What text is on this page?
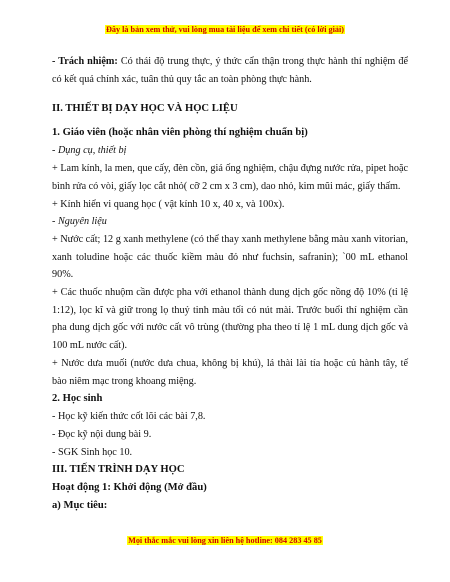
Đây là bản xem thử, vui lòng mua tài liệu để xem chi tiết (có lời giải)

- Trách nhiệm: Có thái độ trung thực, ý thức cẩn thận trong thực hành thí nghiệm để có kết quả chính xác, tuân thủ quy tắc an toàn phòng thực hành.

II. THIẾT BỊ DẠY HỌC VÀ HỌC LIỆU

1. Giáo viên (hoặc nhân viên phòng thí nghiệm chuẩn bị)

- Dụng cụ, thiết bị

+ Lam kính, la men, que cấy, đèn cồn, giá ống nghiệm, chậu đựng nước rửa, pipet hoặc bình rửa có vòi, giấy lọc cắt nhỏ( cỡ 2 cm x 3 cm), dao nhỏ, kim mũi mác, giấy thấm.

+ Kính hiển vi quang học ( vật kính 10 x, 40 x, và 100x).

- Nguyên liệu

+ Nước cất; 12 g xanh methylene (có thể thay xanh methylene bằng màu xanh vitorian, xanh toludine hoặc các thuốc kiềm màu đỏ như fuchsin, safranin); `00 mL ethanol 90%.

+ Các thuốc nhuộm cần được pha với ethanol thành dung dịch gốc nồng độ 10% (tỉ lệ 1:12), lọc kĩ và giữ trong lọ thuỷ tinh màu tối có nút mài. Trước buổi thí nghiệm cần pha dung dịch gốc với nước cất vô trùng (thường pha theo tỉ lệ 1 mL dung dịch gốc và 100 mL nước cất).

+ Nước dưa muối (nước dưa chua, không bị khú), lá thài lài tía hoặc củ hành tây, tế bào niêm mạc trong khoang miệng.

2. Học sinh

- Học kỹ kiến thức cốt lõi các bài 7,8.

- Đọc kỹ nội dung bài 9.

- SGK Sinh học 10.

III. TIẾN TRÌNH DẠY HỌC

Hoạt động 1: Khởi động (Mở đầu)

a) Mục tiêu:

Mọi thắc mắc vui lòng xin liên hệ hotline: 084 283 45 85
